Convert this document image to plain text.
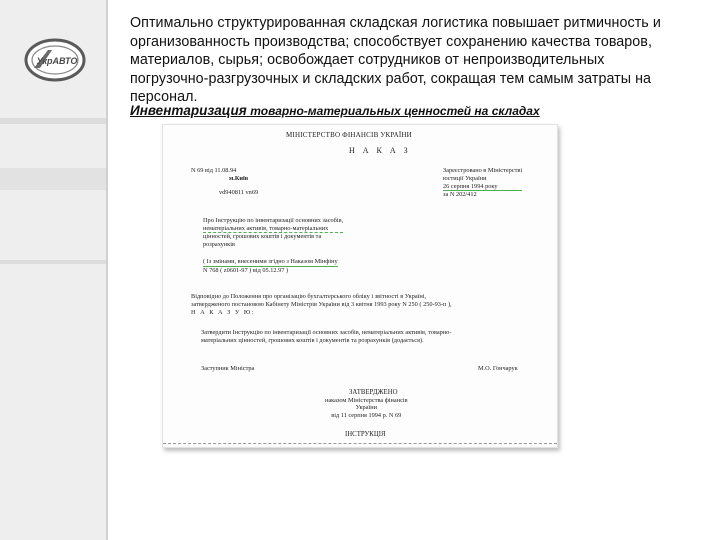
УкрАВТО
Оптимально структурированная складская логистика повышает ритмичность и организованность производства; способствует сохранению качества товаров, материалов, сырья; освобождает сотрудников от непроизводительных погрузочно-разгрузочных и складских работ, сокращая тем самым затраты на персонал.
Инвентаризация товарно-материальных ценностей на складах
МІНІСТЕРСТВО ФІНАНСІВ УКРАЇНИ
Н А К А З
N 69 від 11.08.94
м.Київ
vd940811 vn69
Зареєстровано в Міністерстві
юстиції України
26 серпня 1994 року
за N 202/412
Про Інструкцію по інвентаризації основних засобів,
нематеріальних активів, товарно-матеріальних
цінностей, грошових коштів і документів та
розрахунків
( Із змінами, внесеними згідно з Наказом Мінфіну
N 768 ( z0601-97 ) від 05.12.97 )
Відповідно до Положення про організацію бухгалтерського обліку і звітності в Україні,
затвердженого постановою Кабінету Міністрів України від 3 квітня 1993 року N 250 ( 250-93-п ),
Н А К А З У Ю:
Затвердити Інструкцію по інвентаризації основних засобів, нематеріальних активів, товарно-
матеріальних цінностей, грошових коштів і документів та розрахунків (додається).
Заступник Міністра	М.О. Гончарук
ЗАТВЕРДЖЕНО
наказом Міністерства фінансів
України
від 11 серпня 1994 р. N 69
ІНСТРУКЦІЯ
